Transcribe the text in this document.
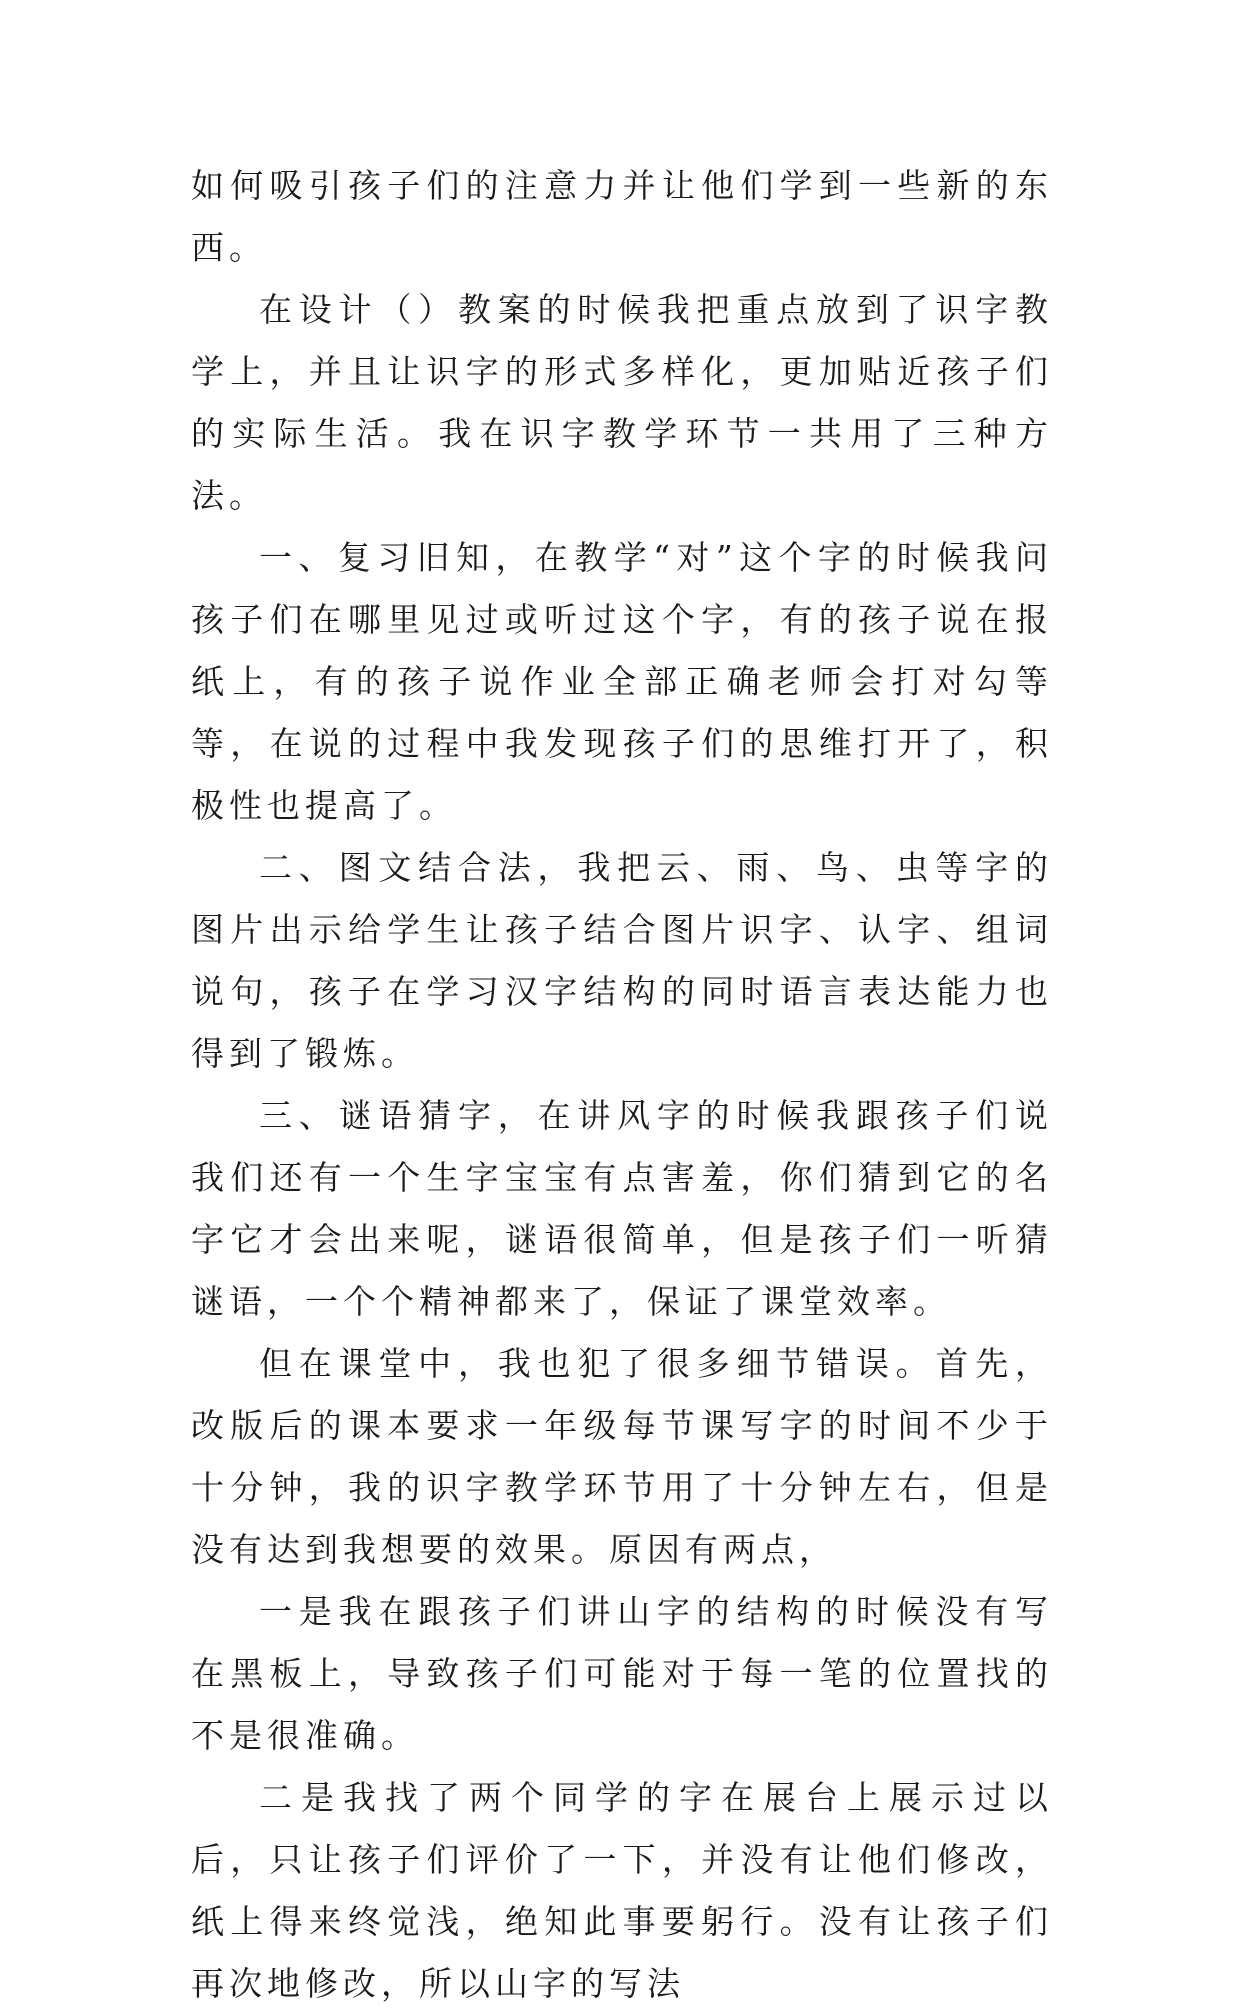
如何吸引孩子们的注意力并让他们学到一些新的东西。

在设计（）教案的时候我把重点放到了识字教学上，并且让识字的形式多样化，更加贴近孩子们的实际生活。我在识字教学环节一共用了三种方法。

一、复习旧知，在教学“对”这个字的时候我问孩子们在哪里见过或听过这个字，有的孩子说在报纸上，有的孩子说作业全部正确老师会打对勾等等，在说的过程中我发现孩子们的思维打开了，积极性也提高了。

二、图文结合法，我把云、雨、鸟、虫等字的图片出示给学生让孩子结合图片识字、认字、组词说句，孩子在学习汉字结构的同时语言表达能力也得到了锻炼。

三、谜语猜字，在讲风字的时候我跟孩子们说我们还有一个生字宝宝有点害羞，你们猜到它的名字它才会出来呢，谜语很简单，但是孩子们一听猜谜语，一个个精神都来了，保证了课堂效率。

但在课堂中，我也犯了很多细节错误。首先，改版后的课本要求一年级每节课写字的时间不少于十分钟，我的识字教学环节用了十分钟左右，但是没有达到我想要的效果。原因有两点，

一是我在跟孩子们讲山字的结构的时候没有写在黑板上，导致孩子们可能对于每一笔的位置找的不是很准确。

二是我找了两个同学的字在展台上展示过以后，只让孩子们评价了一下，并没有让他们修改，纸上得来终觉浅，绝知此事要躬行。没有让孩子们再次地修改，所以山字的写法
